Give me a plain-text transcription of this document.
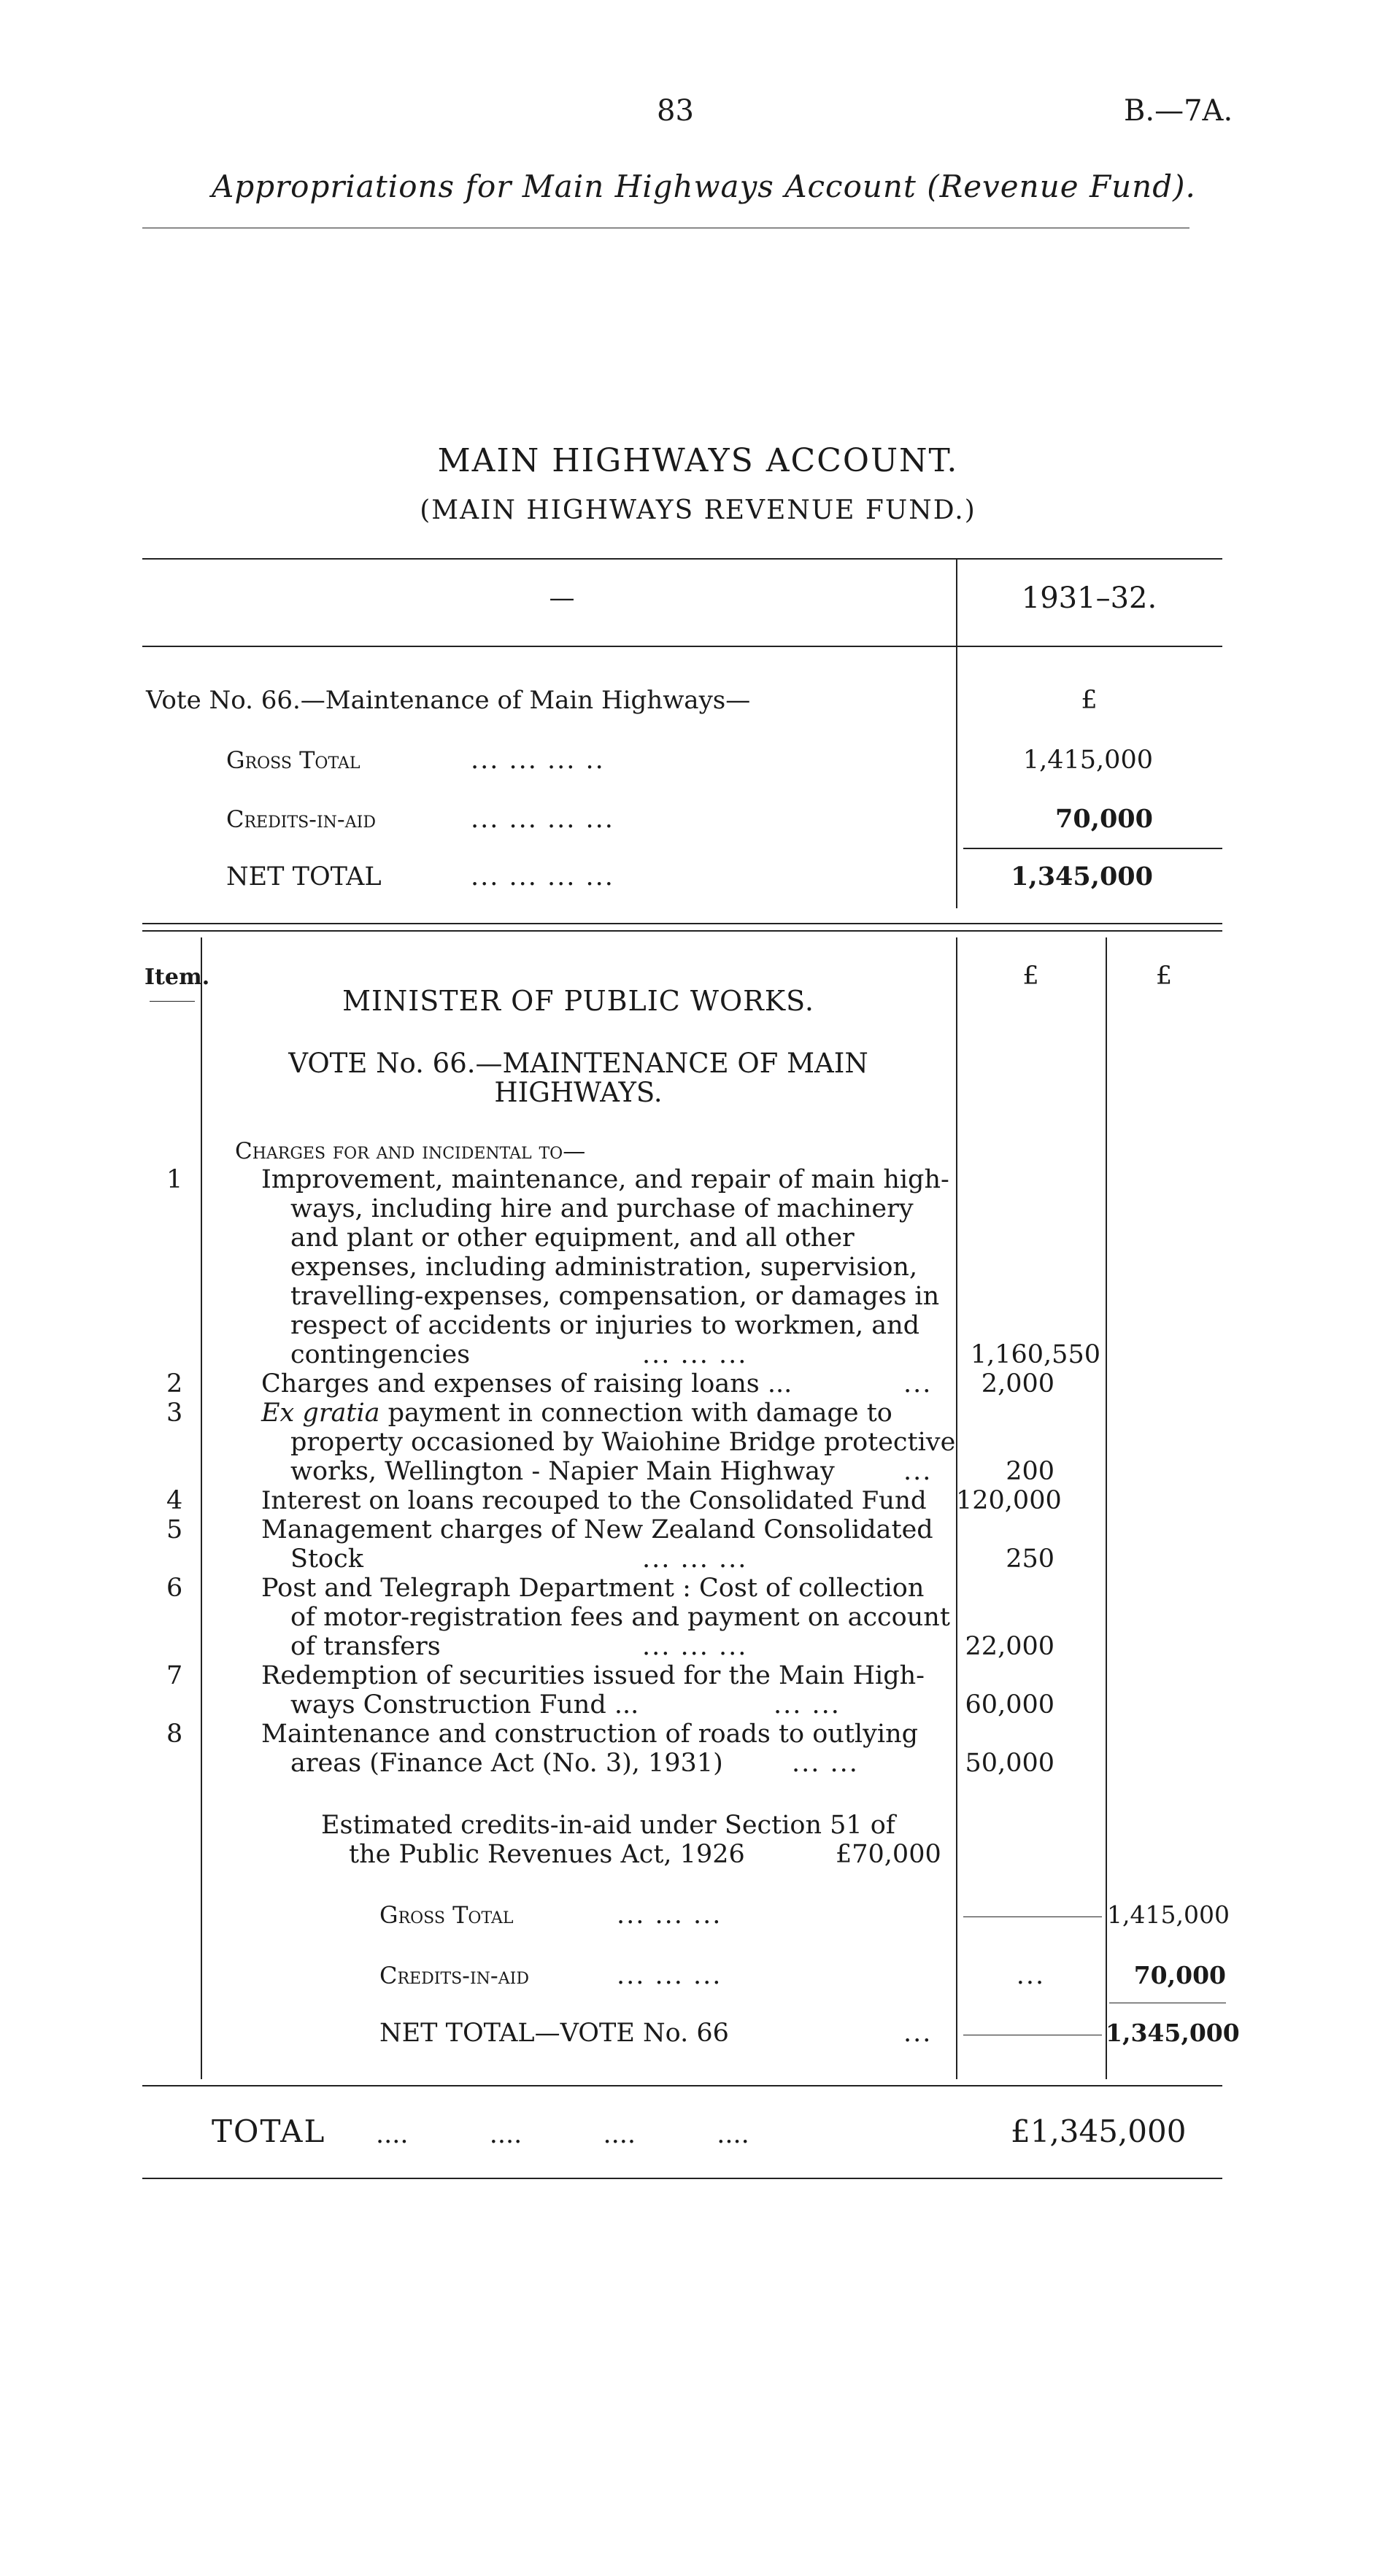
83	B.—7A.
Appropriations for Main Highways Account (Revenue Fund).
MAIN HIGHWAYS ACCOUNT.
(MAIN HIGHWAYS REVENUE FUND.)
—	1931–32.
Vote No. 66.—Maintenance of Main Highways—	£
Gross Total	... ... ... ..	1,415,000
Credits-in-aid	... ... ... ...	70,000
NET TOTAL	... ... ... ...	1,345,000
Item.	£	£
MINISTER OF PUBLIC WORKS.
VOTE No. 66.—MAINTENANCE OF MAIN
HIGHWAYS.
Charges for and incidental to—
1	Improvement, maintenance, and repair of main high-
ways, including hire and purchase of machinery
and plant or other equipment, and all other
expenses, including administration, supervision,
travelling-expenses, compensation, or damages in
respect of accidents or injuries to workmen, and
contingencies	... ... ...	1,160,550
2	Charges and expenses of raising loans ...	...	2,000
3	Ex gratia payment in connection with damage to
property occasioned by Waiohine Bridge protective
works, Wellington - Napier Main Highway	...	200
4	Interest on loans recouped to the Consolidated Fund 120,000
5	Management charges of New Zealand Consolidated
Stock	... ... ...	250
6	Post and Telegraph Department : Cost of collection
of motor-registration fees and payment on account
of transfers	... ... ...	22,000
7	Redemption of securities issued for the Main High-
ways Construction Fund ...	... ...	60,000
8	Maintenance and construction of roads to outlying
areas (Finance Act (No. 3), 1931)	... ...	50,000
Estimated credits-in-aid under Section 51 of
the Public Revenues Act, 1926	£70,000
Gross Total	... ... ...	1,415,000
Credits-in-aid	... ... ...	...	70,000
NET TOTAL—VOTE No. 66	...	1,345,000
TOTAL ....          ....          ....          ....	£1,345,000
